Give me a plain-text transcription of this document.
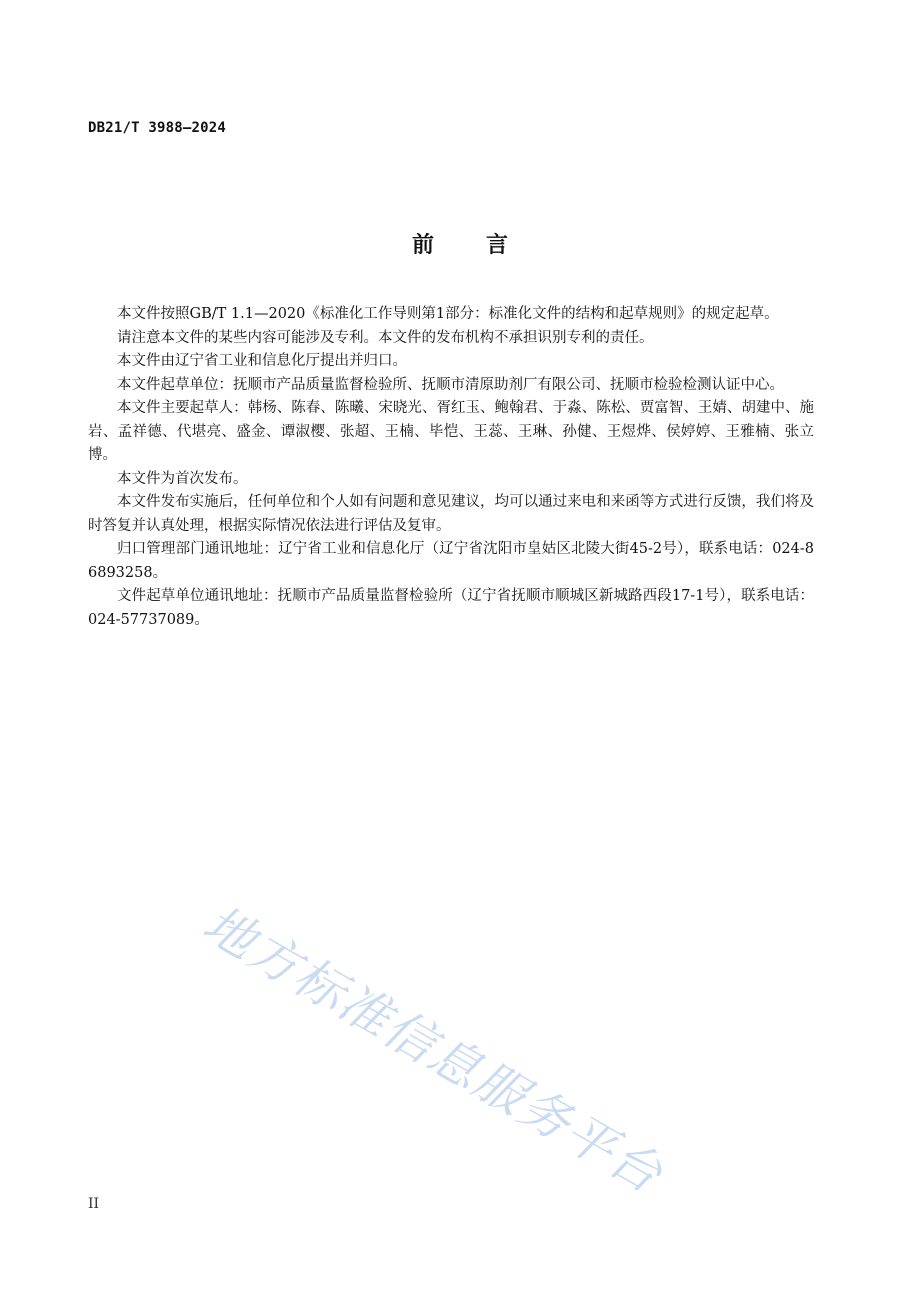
DB21/T 3988—2024
前 言

本文件按照GB/T 1.1—2020《标准化工作导则第1部分：标准化文件的结构和起草规则》的规定起草。

请注意本文件的某些内容可能涉及专利。本文件的发布机构不承担识别专利的责任。

本文件由辽宁省工业和信息化厅提出并归口。

本文件起草单位：抚顺市产品质量监督检验所、抚顺市清原助剂厂有限公司、抚顺市检验检测认证中心。

本文件主要起草人：韩杨、陈春、陈曦、宋晓光、胥红玉、鲍翰君、于淼、陈松、贾富智、王婧、胡建中、施岩、孟祥德、代堪亮、盛金、谭淑樱、张超、王楠、毕恺、王蕊、王琳、孙健、王煜烨、侯婷婷、王雅楠、张立博。

本文件为首次发布。

本文件发布实施后，任何单位和个人如有问题和意见建议，均可以通过来电和来函等方式进行反馈，我们将及时答复并认真处理，根据实际情况依法进行评估及复审。

归口管理部门通讯地址：辽宁省工业和信息化厅（辽宁省沈阳市皇姑区北陵大街45-2号），联系电话：024-86893258。

文件起草单位通讯地址：抚顺市产品质量监督检验所（辽宁省抚顺市顺城区新城路西段17-1号），联系电话：024-57737089。

地方标准信息服务平台
II
